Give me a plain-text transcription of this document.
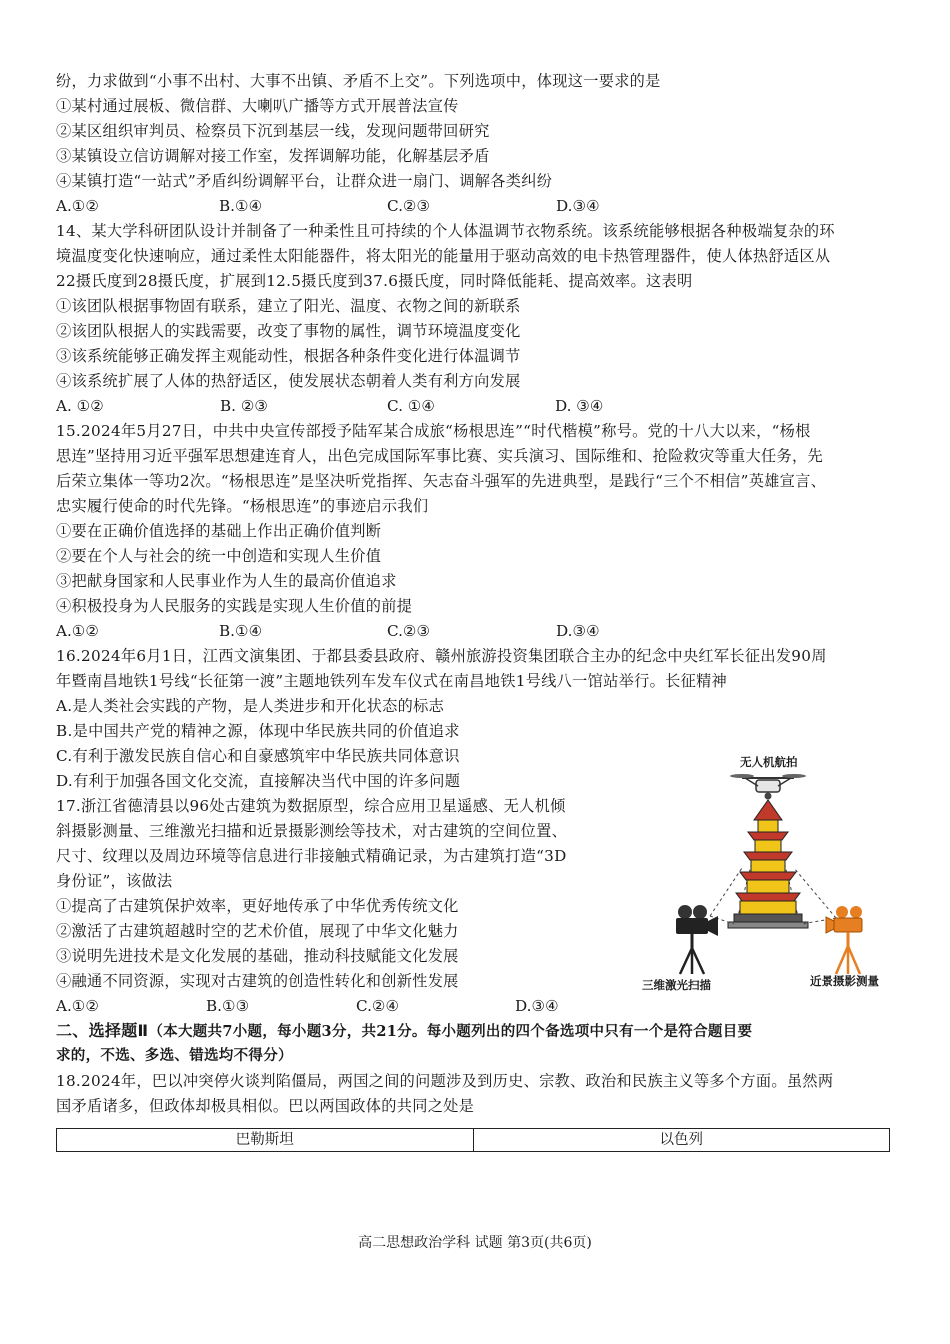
纷，力求做到“小事不出村、大事不出镇、矛盾不上交”。下列选项中，体现这一要求的是
①某村通过展板、微信群、大喇叭广播等方式开展普法宣传
②某区组织审判员、检察员下沉到基层一线，发现问题带回研究
③某镇设立信访调解对接工作室，发挥调解功能，化解基层矛盾
④某镇打造“一站式”矛盾纠纷调解平台，让群众进一扇门、调解各类纠纷
A.①②	B.①④	C.②③	D.③④
14、某大学科研团队设计并制备了一种柔性且可持续的个人体温调节衣物系统。该系统能够根据各种极端复杂的环
境温度变化快速响应，通过柔性太阳能器件，将太阳光的能量用于驱动高效的电卡热管理器件，使人体热舒适区从
22摄氏度到28摄氏度，扩展到12.5摄氏度到37.6摄氏度，同时降低能耗、提高效率。这表明
①该团队根据事物固有联系，建立了阳光、温度、衣物之间的新联系
②该团队根据人的实践需要，改变了事物的属性，调节环境温度变化
③该系统能够正确发挥主观能动性，根据各种条件变化进行体温调节
④该系统扩展了人体的热舒适区，使发展状态朝着人类有利方向发展
A. ①②	B. ②③	C. ①④	D. ③④
15.2024年5月27日，中共中央宣传部授予陆军某合成旅“杨根思连”“时代楷模”称号。党的十八大以来，“杨根
思连”坚持用习近平强军思想建连育人，出色完成国际军事比赛、实兵演习、国际维和、抢险救灾等重大任务，先
后荣立集体一等功2次。“杨根思连”是坚决听党指挥、矢志奋斗强军的先进典型，是践行“三个不相信”英雄宣言、
忠实履行使命的时代先锋。“杨根思连”的事迹启示我们
①要在正确价值选择的基础上作出正确价值判断
②要在个人与社会的统一中创造和实现人生价值
③把献身国家和人民事业作为人生的最高价值追求
④积极投身为人民服务的实践是实现人生价值的前提
A.①②	B.①④	C.②③	D.③④
16.2024年6月1日，江西文演集团、于都县委县政府、赣州旅游投资集团联合主办的纪念中央红军长征出发90周
年暨南昌地铁1号线“长征第一渡”主题地铁列车发车仪式在南昌地铁1号线八一馆站举行。长征精神
A.是人类社会实践的产物，是人类进步和开化状态的标志
B.是中国共产党的精神之源，体现中华民族共同的价值追求
C.有利于激发民族自信心和自豪感筑牢中华民族共同体意识
D.有利于加强各国文化交流，直接解决当代中国的许多问题
17.浙江省德清县以96处古建筑为数据原型，综合应用卫星遥感、无人机倾
斜摄影测量、三维激光扫描和近景摄影测绘等技术，对古建筑的空间位置、
尺寸、纹理以及周边环境等信息进行非接触式精确记录，为古建筑打造“3D
身份证”，该做法
①提高了古建筑保护效率，更好地传承了中华优秀传统文化
②激活了古建筑超越时空的艺术价值，展现了中华文化魅力
③说明先进技术是文化发展的基础，推动科技赋能文化发展
④融通不同资源，实现对古建筑的创造性转化和创新性发展
A.①②	B.①③	C.②④	D.③④
无人机航拍
三维激光扫描	近景摄影测量
二、选择题Ⅱ（本大题共7小题，每小题3分，共21分。每小题列出的四个备选项中只有一个是符合题目要
求的，不选、多选、错选均不得分）
18.2024年，巴以冲突停火谈判陷僵局，两国之间的问题涉及到历史、宗教、政治和民族主义等多个方面。虽然两
国矛盾诸多，但政体却极具相似。巴以两国政体的共同之处是
巴勒斯坦	以色列
高二思想政治学科 试题 第3页(共6页)
